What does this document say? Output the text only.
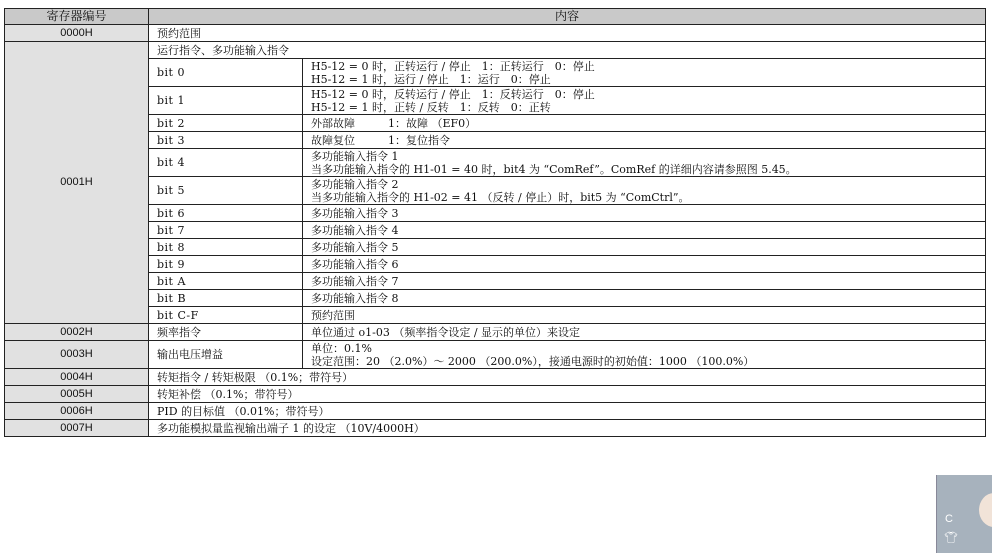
寄存器编号	内容	
0000H	预约范围	
0001H	运行指令、多功能输入指令	
	bit 0	H5-12 = 0 时，正转运行 / 停止　1：正转运行　0：停止
H5-12 = 1 时，运行 / 停止　1：运行　0：停止

	bit 1	H5-12 = 0 时，反转运行 / 停止　1：反转运行　0：停止
H5-12 = 1 时，正转 / 反转　1：反转　0：正转

	bit 2	外部故障　　　1：故障 （EF0）
	bit 3	故障复位　　　1：复位指令
	bit 4	多功能输入指令 1
当多功能输入指令的 H1-01 = 40 时，bit4 为 “ComRef”。ComRef 的详细内容请参照图 5.45。

	bit 5	多功能输入指令 2
当多功能输入指令的 H1-02 = 41 （反转 / 停止）时，bit5 为 “ComCtrl”。

	bit 6	多功能输入指令 3
	bit 7	多功能输入指令 4
	bit 8	多功能输入指令 5
	bit 9	多功能输入指令 6
	bit A	多功能输入指令 7
	bit B	多功能输入指令 8
	bit C-F	预约范围
0002H	频率指令	单位通过 o1-03 （频率指令设定 / 显示的单位）来设定
0003H	输出电压增益	单位：0.1%
设定范围：20 （2.0%）～ 2000 （200.0%），接通电源时的初始值：1000 （100.0%）

0004H	转矩指令 / 转矩极限 （0.1%；带符号）	
0005H	转矩补偿 （0.1%；带符号）	
0006H	PID 的目标值 （0.01%；带符号）	
0007H	多功能模拟量监视输出端子 1 的设定 （10V/4000H）	
C
👕︎
